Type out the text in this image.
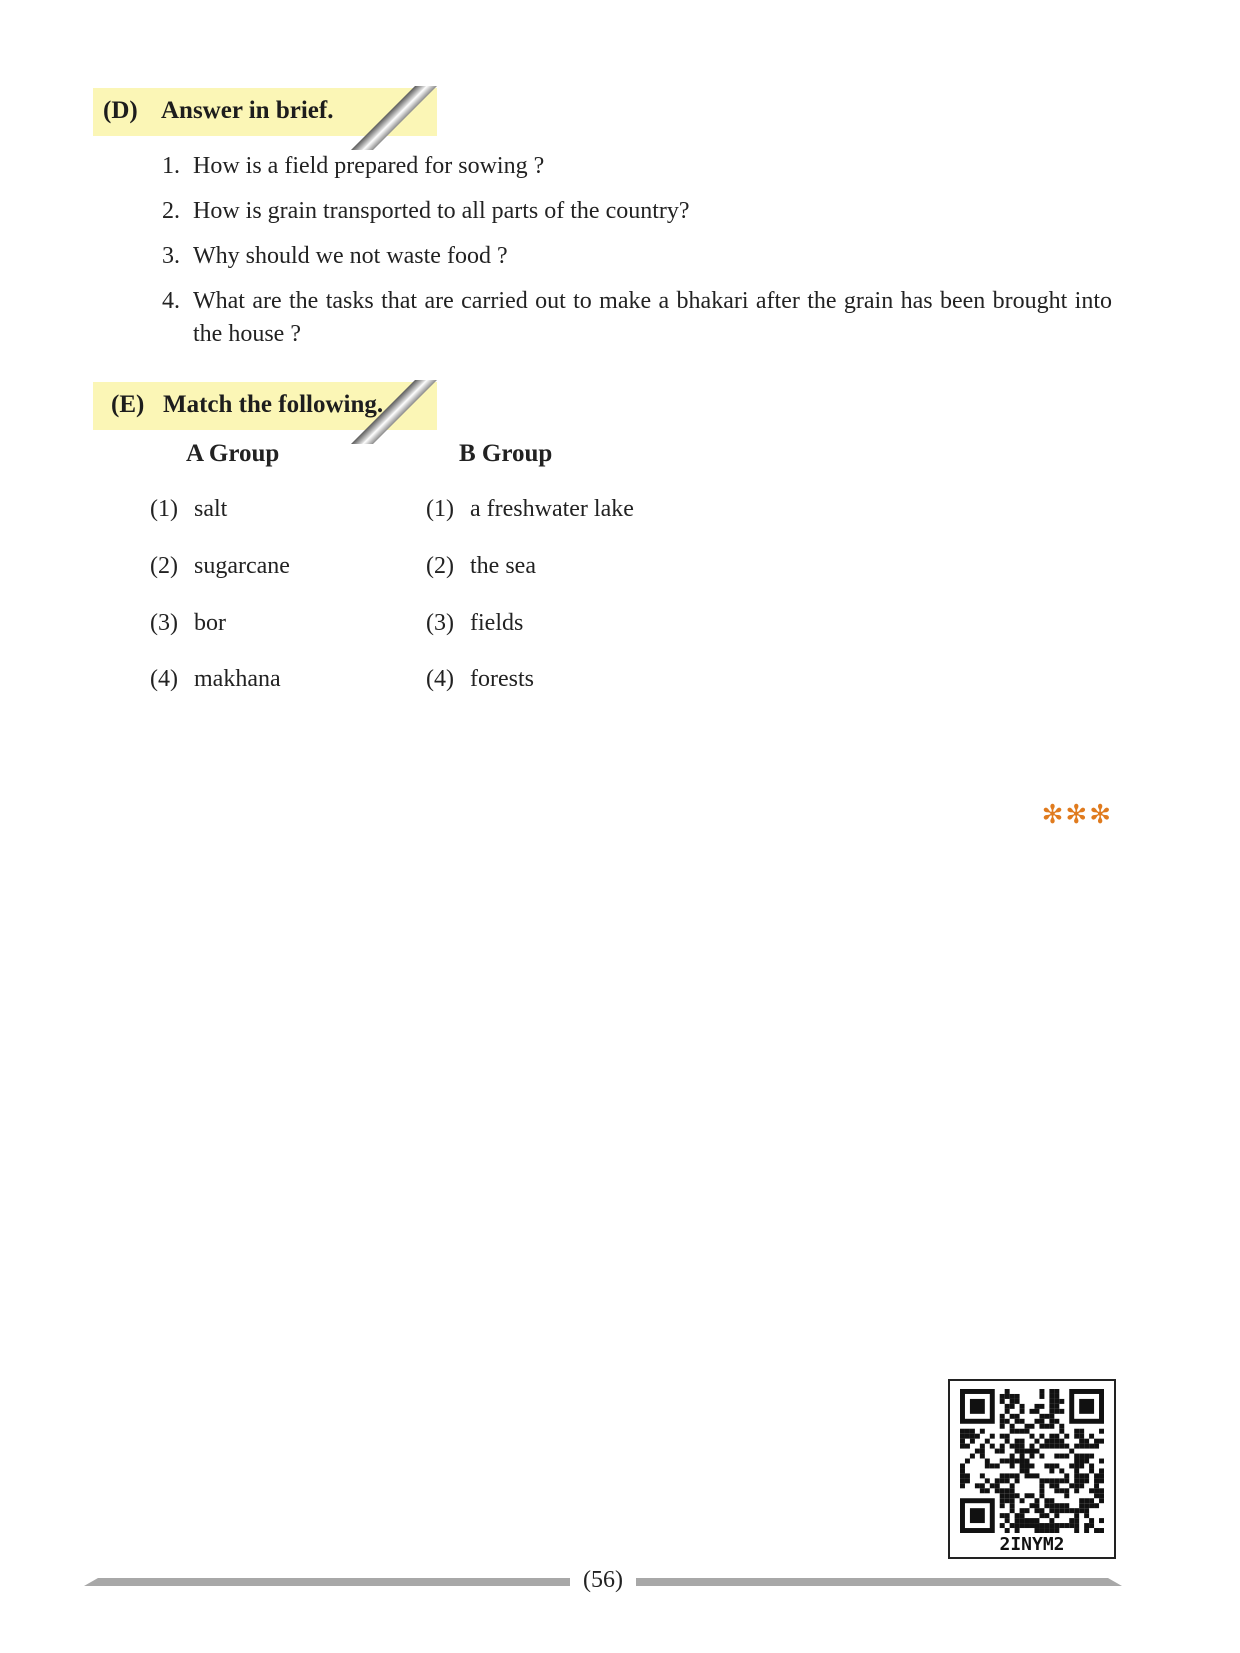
(D) Answer in brief.
1. How is a field prepared for sowing ?
2. How is grain transported to all parts of the country?
3. Why should we not waste food ?
4. What are the tasks that are carried out to make a bhakari after the grain has been brought into the house ?
(E) Match the following.
A Group	B Group
(1) salt	(1) a freshwater lake
(2) sugarcane	(2) the sea
(3) bor	(3) fields
(4) makhana	(4) forests
✻✻✻
2INYM2
(56)
